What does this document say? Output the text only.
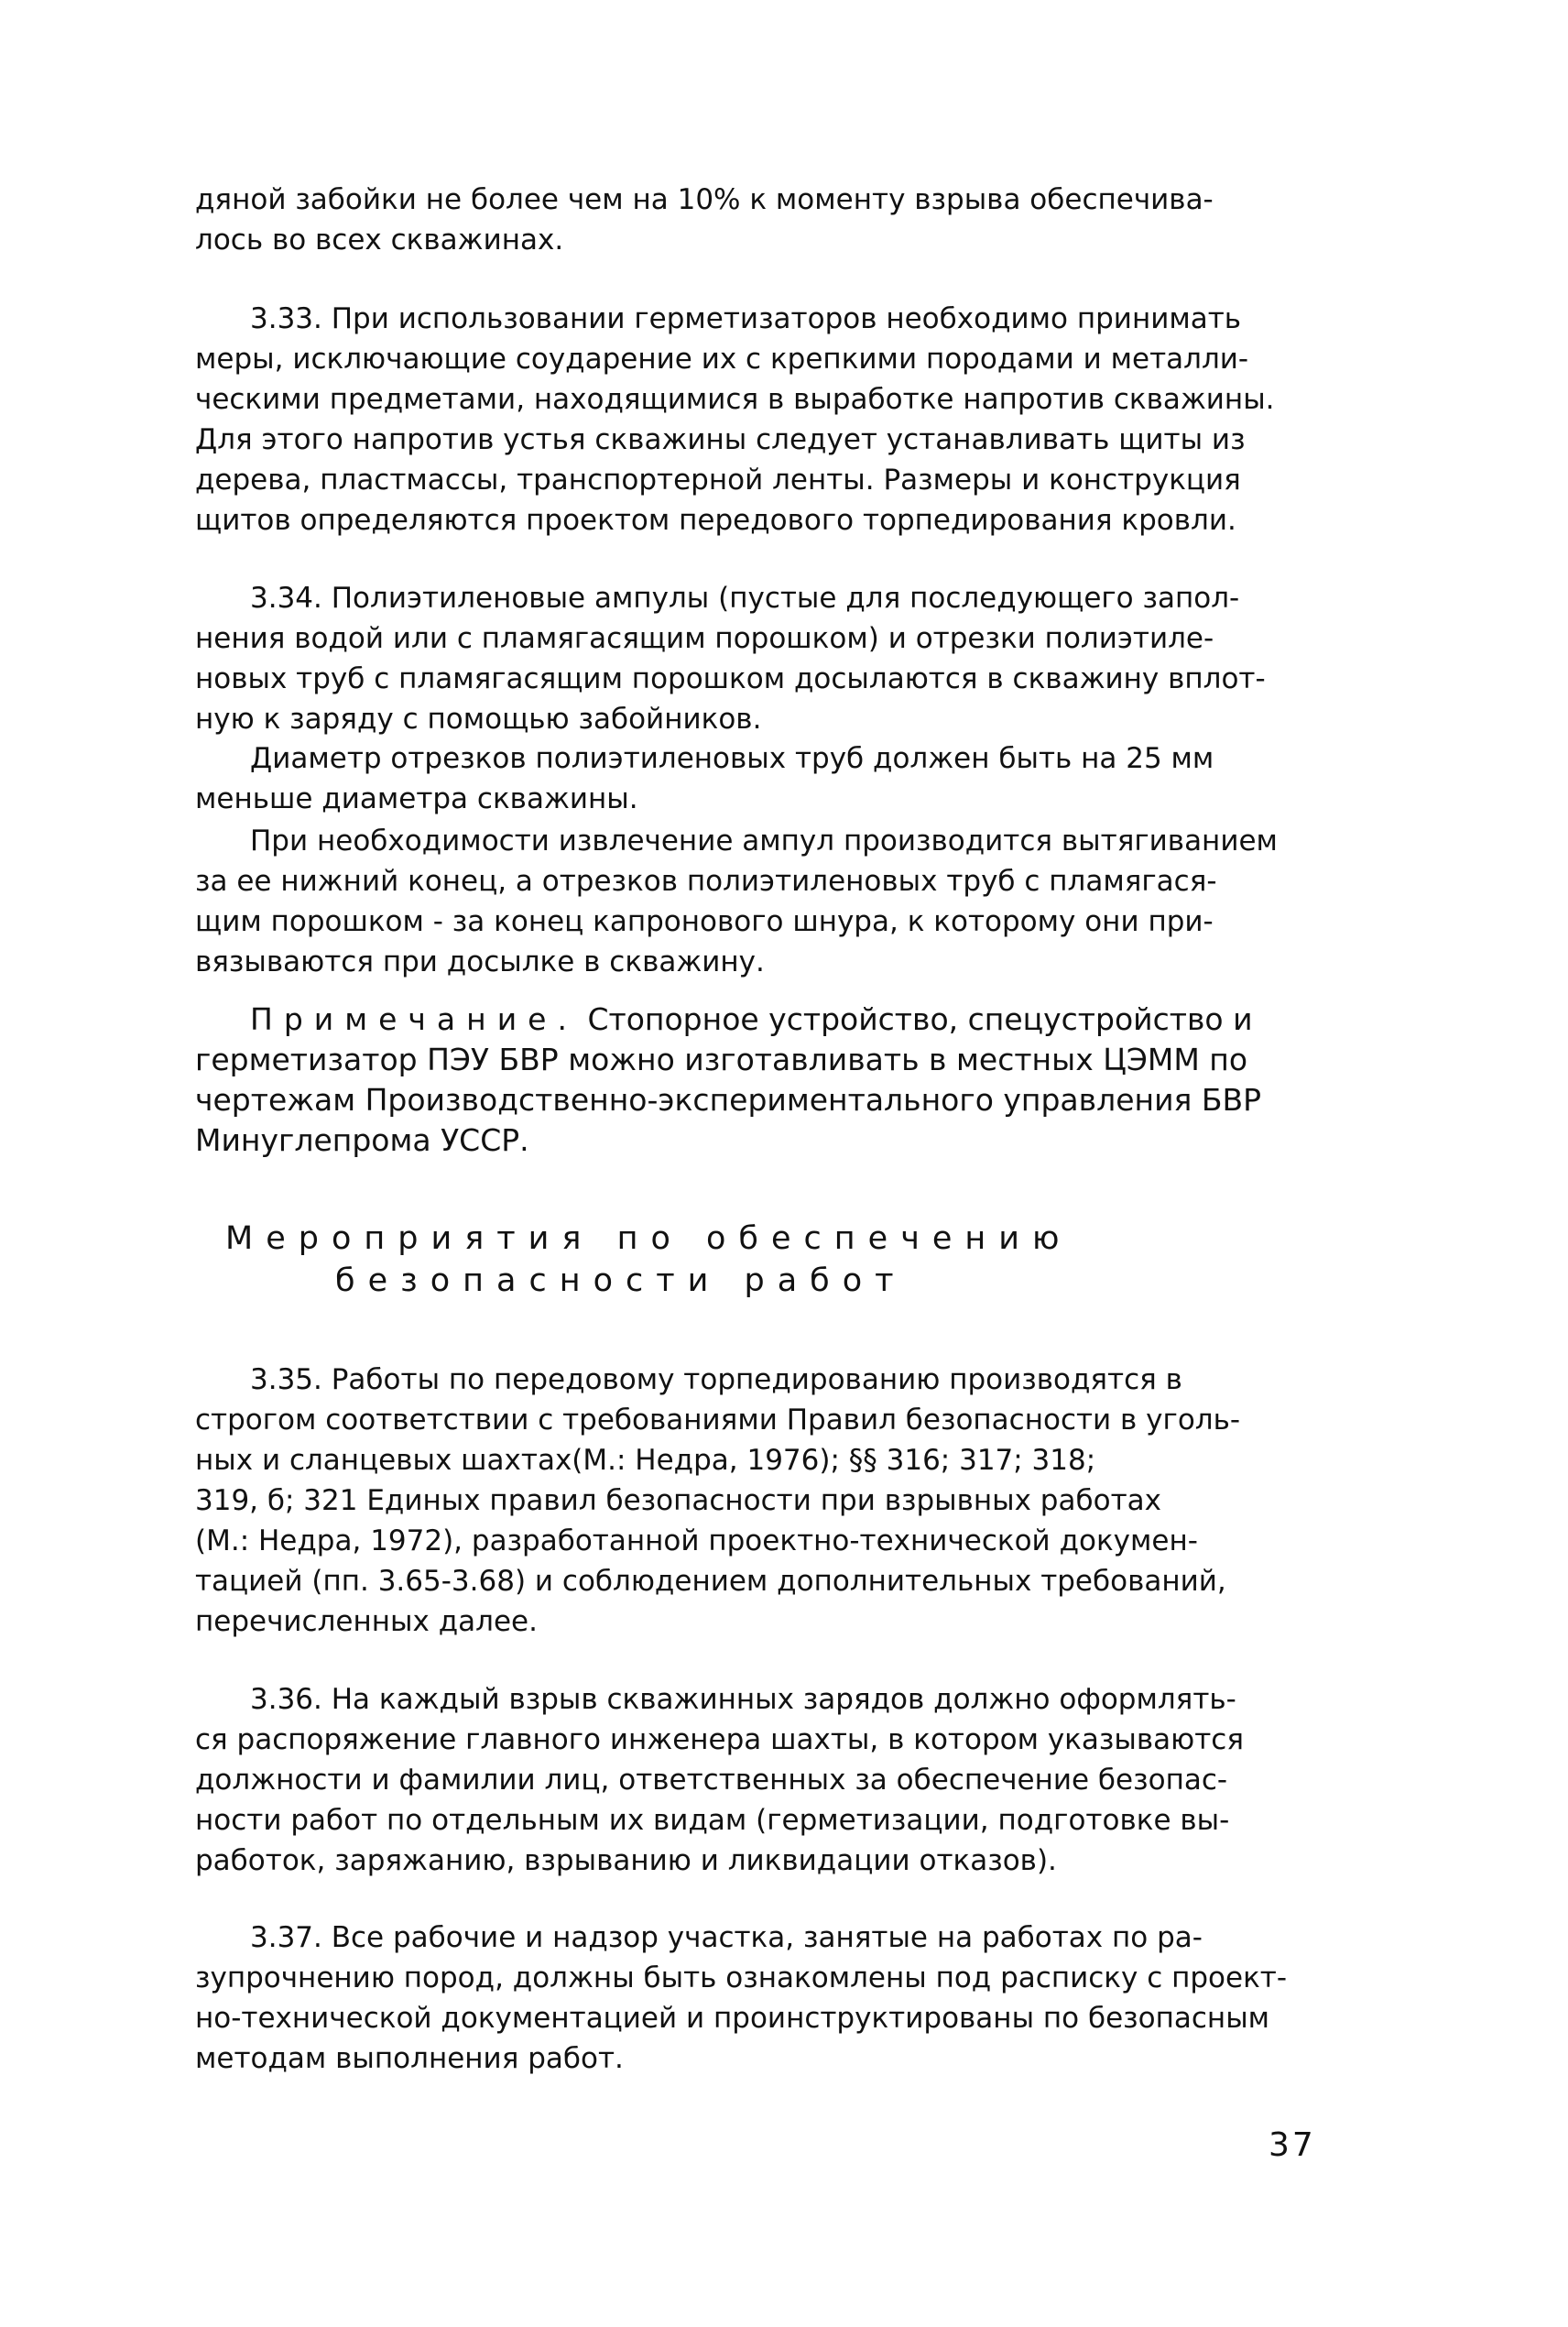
дяной забойки не более чем на 10% к моменту взрыва обеспечива-
лось во всех скважинах.
3.33. При использовании герметизаторов необходимо принимать
меры, исключающие соударение их с крепкими породами и металли-
ческими предметами, находящимися в выработке напротив скважины.
Для этого напротив устья скважины следует устанавливать щиты из
дерева, пластмассы, транспортерной ленты. Размеры и конструкция
щитов определяются проектом передового торпедирования кровли.
3.34. Полиэтиленовые ампулы (пустые для последующего запол-
нения водой или с пламягасящим порошком) и отрезки полиэтиле-
новых труб с пламягасящим порошком досылаются в скважину вплот-
ную к заряду с помощью забойников.
Диаметр отрезков полиэтиленовых труб должен быть на 25 мм
меньше диаметра скважины.
При необходимости извлечение ампул производится вытягиванием
за ее нижний конец, а отрезков полиэтиленовых труб с пламягася-
щим порошком - за конец капронового шнура, к которому они при-
вязываются при досылке в скважину.
Примечание. Стопорное устройство, спецустройство и
герметизатор ПЭУ БВР можно изготавливать в местных ЦЭММ по
чертежам Производственно-экспериментального управления БВР
Минуглепрома УССР.
Мероприятия по обеспечению
безопасности работ
3.35. Работы по передовому торпедированию производятся в
строгом соответствии с требованиями Правил безопасности в уголь-
ных и сланцевых шахтах(М.: Недра, 1976); §§ 316; 317; 318;
319, б; 321 Единых правил безопасности при взрывных работах
(М.: Недра, 1972), разработанной проектно-технической докумен-
тацией (пп. 3.65-3.68) и соблюдением дополнительных требований,
перечисленных далее.
3.36. На каждый взрыв скважинных зарядов должно оформлять-
ся распоряжение главного инженера шахты, в котором указываются
должности и фамилии лиц, ответственных за обеспечение безопас-
ности работ по отдельным их видам (герметизации, подготовке вы-
работок, заряжанию, взрыванию и ликвидации отказов).
3.37. Все рабочие и надзор участка, занятые на работах по ра-
зупрочнению пород, должны быть ознакомлены под расписку с проект-
но-технической документацией и проинструктированы по безопасным
методам выполнения работ.
37
